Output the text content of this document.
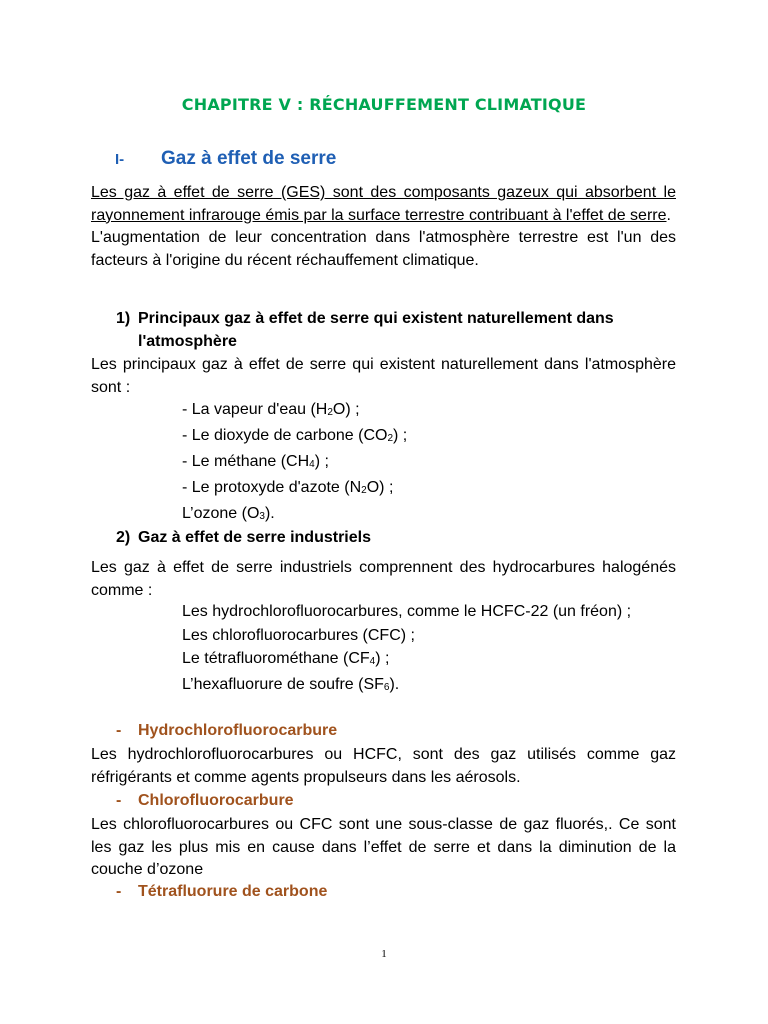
CHAPITRE V : RÉCHAUFFEMENT CLIMATIQUE
I- Gaz à effet de serre
Les gaz à effet de serre (GES) sont des composants gazeux qui absorbent le rayonnement infrarouge émis par la surface terrestre contribuant à l'effet de serre.
L'augmentation de leur concentration dans l'atmosphère terrestre est l'un des facteurs à l'origine du récent réchauffement climatique.
1) Principaux gaz à effet de serre qui existent naturellement dans l'atmosphère
Les principaux gaz à effet de serre qui existent naturellement dans l'atmosphère sont :
- La vapeur d'eau $(H_2O)$ ;
- Le dioxyde de carbone $(CO_2)$ ;
- Le méthane $(CH_4)$ ;
- Le protoxyde d'azote $(N_2O)$ ;
L’ozone $(O_3)$.
2) Gaz à effet de serre industriels
Les gaz à effet de serre industriels comprennent des hydrocarbures halogénés comme :
Les hydrochlorofluorocarbures, comme le HCFC-22 (un fréon) ;
Les chlorofluorocarbures (CFC) ;
Le tétrafluorométhane $(CF_4)$ ;
L’hexafluorure de soufre $(SF_6)$.
- Hydrochlorofluorocarbure
Les hydrochlorofluorocarbures ou HCFC, sont des gaz utilisés comme gaz réfrigérants et comme agents propulseurs dans les aérosols.
- Chlorofluorocarbure
Les chlorofluorocarbures ou CFC sont une sous-classe de gaz fluorés,. Ce sont les gaz les plus mis en cause dans l’effet de serre et dans la diminution de la couche d’ozone
- Tétrafluorure de carbone
1
